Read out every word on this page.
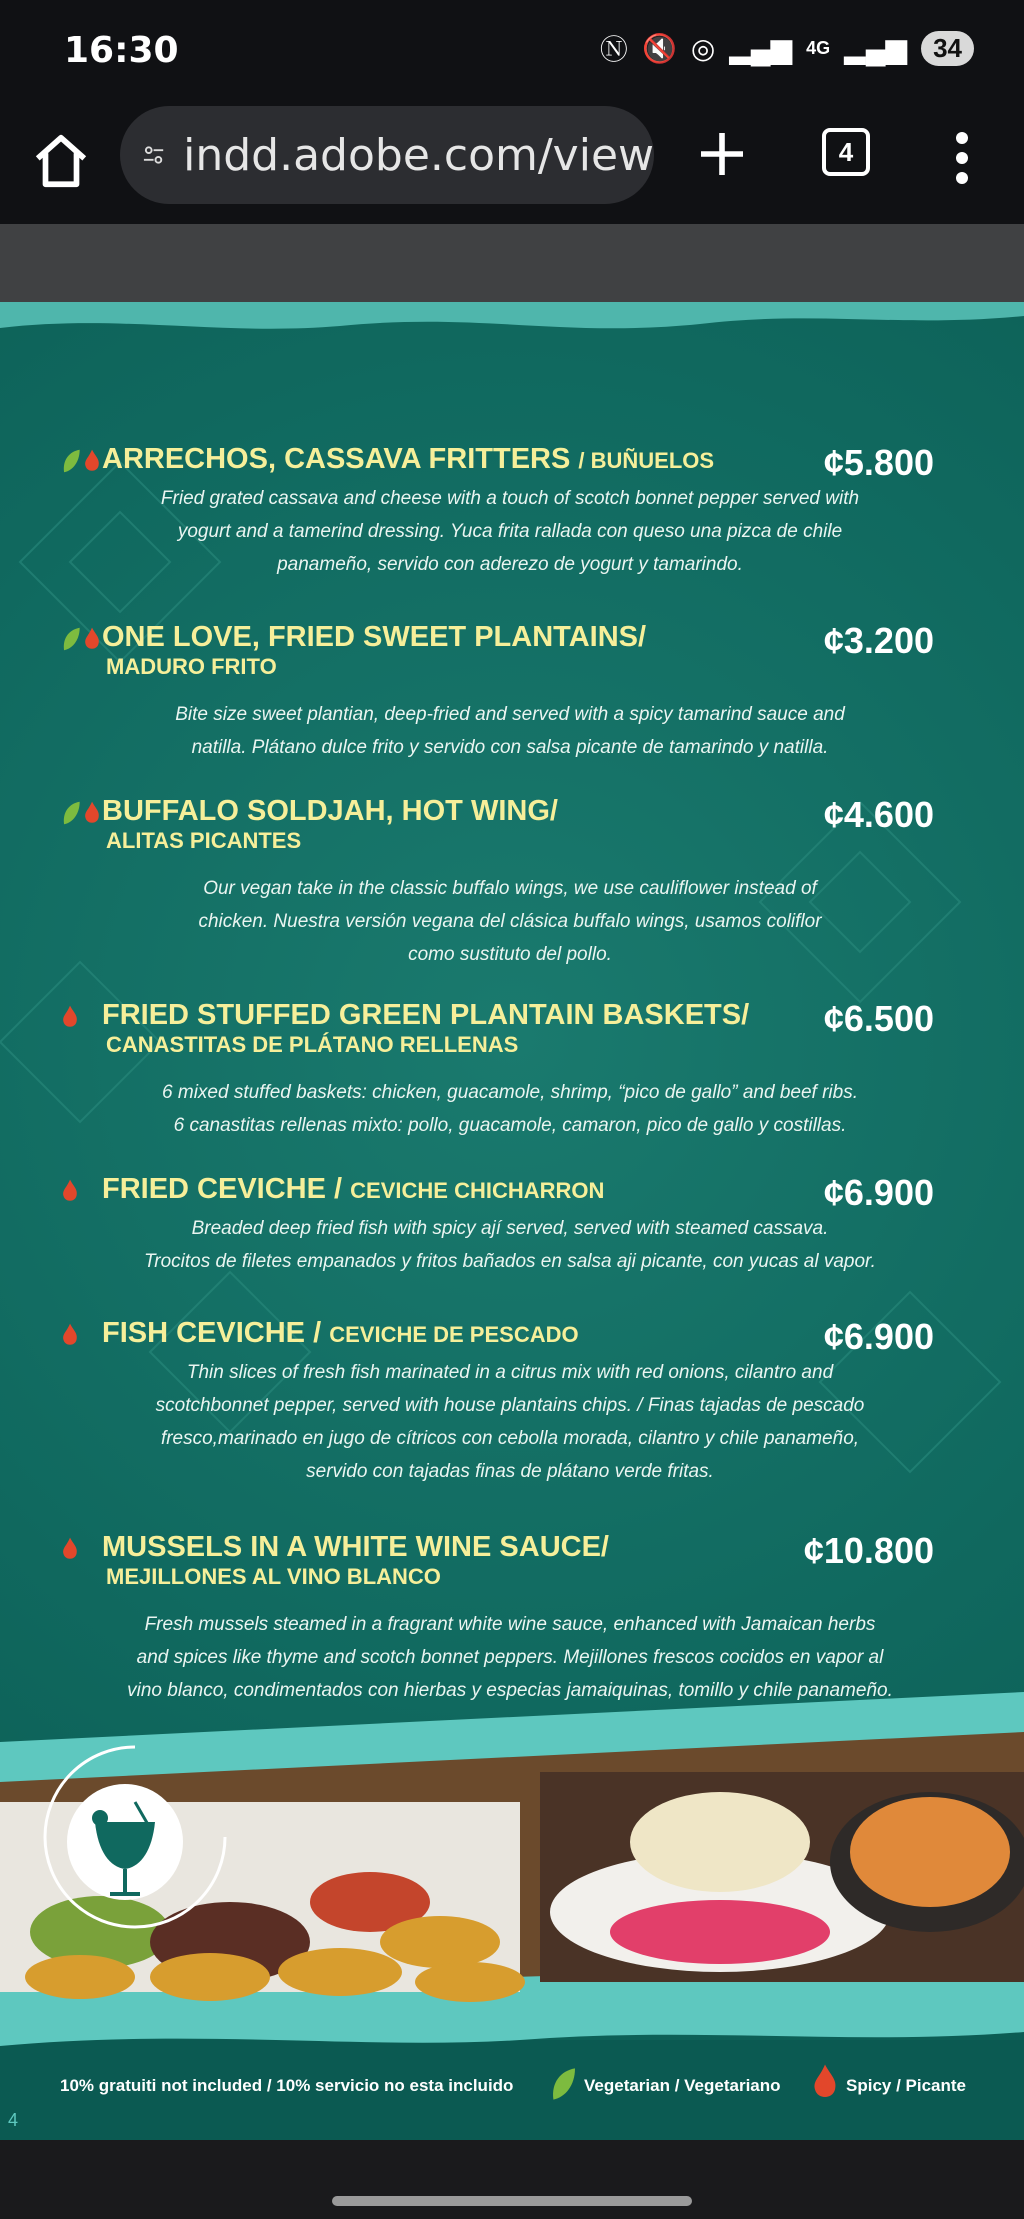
16:30	Ⓝ 🔇 ◎ ▂▄▆ 4G ▂▄▆	34
indd.adobe.com/view	4
ARRECHOS, CASSAVA FRITTERS / BUÑUELOS	¢5.800
Fried grated cassava and cheese with a touch of scotch bonnet pepper served with
yogurt and a tamerind dressing. Yuca frita rallada con queso una pizca de chile
panameño, servido con aderezo de yogurt y tamarindo.
ONE LOVE, FRIED SWEET PLANTAINS/
MADURO FRITO
¢3.200
Bite size sweet plantian, deep-fried and served with a spicy tamarind sauce and
natilla. Plátano dulce frito y servido con salsa picante de tamarindo y natilla.
BUFFALO SOLDJAH, HOT WING/
ALITAS PICANTES
¢4.600
Our vegan take in the classic buffalo wings, we use cauliflower instead of
chicken. Nuestra versión vegana del clásica buffalo wings, usamos coliflor
como sustituto del pollo.
FRIED STUFFED GREEN PLANTAIN BASKETS/
CANASTITAS DE PLÁTANO RELLENAS
¢6.500
6 mixed stuffed baskets: chicken, guacamole, shrimp, “pico de gallo” and beef ribs.
6 canastitas rellenas mixto: pollo, guacamole, camaron, pico de gallo y costillas.
FRIED CEVICHE / CEVICHE CHICHARRON	¢6.900
Breaded deep fried fish with spicy ají served, served with steamed cassava.
Trocitos de filetes empanados y fritos bañados en salsa aji picante, con yucas al vapor.
FISH CEVICHE / CEVICHE DE PESCADO	¢6.900
Thin slices of fresh fish marinated in a citrus mix with red onions, cilantro and
scotchbonnet pepper, served with house plantains chips. / Finas tajadas de pescado
fresco,marinado en jugo de cítricos con cebolla morada, cilantro y chile panameño,
servido con tajadas finas de plátano verde fritas.
MUSSELS IN A WHITE WINE SAUCE/
MEJILLONES AL VINO BLANCO
¢10.800
Fresh mussels steamed in a fragrant white wine sauce, enhanced with Jamaican herbs
and spices like thyme and scotch bonnet peppers. Mejillones frescos cocidos en vapor al
vino blanco, condimentados con hierbas y especias jamaiquinas, tomillo y chile panameño.
10% gratuiti not included / 10% servicio no esta incluido	Vegetarian / Vegetariano	Spicy / Picante
4
